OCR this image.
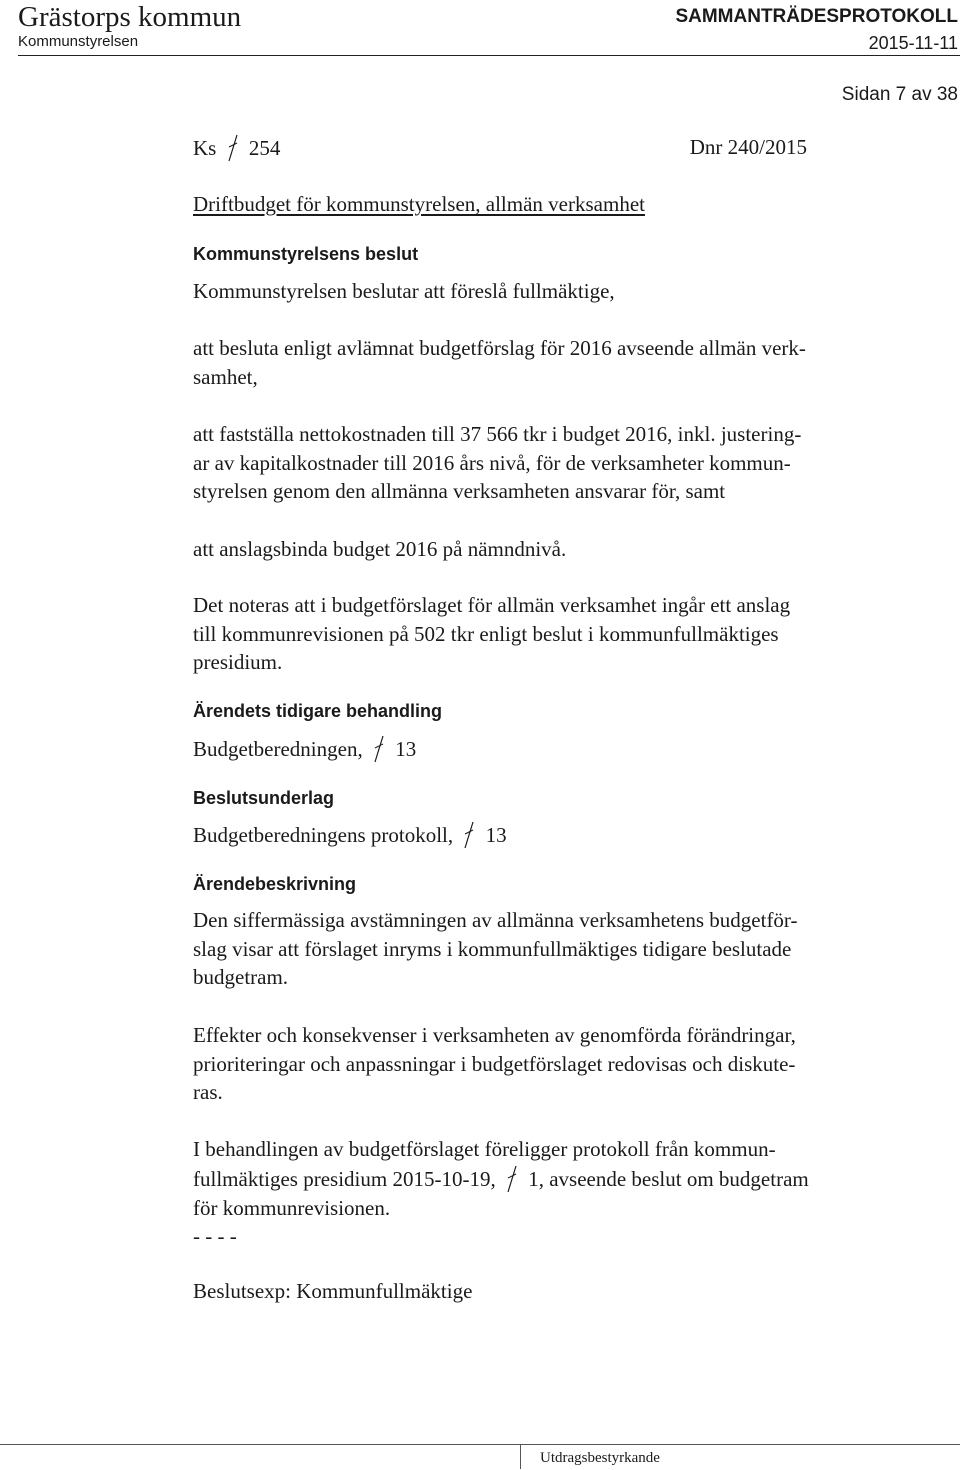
Grästorps kommun
Kommunstyrelsen
SAMMANTRÄDESPROTOKOLL
2015-11-11
Sidan 7 av 38
Ks 254	Dnr 240/2015
Driftbudget för kommunstyrelsen, allmän verksamhet
Kommunstyrelsens beslut
Kommunstyrelsen beslutar att föreslå fullmäktige,
att besluta enligt avlämnat budgetförslag för 2016 avseende allmän verk-
samhet,
att fastställa nettokostnaden till 37 566 tkr i budget 2016, inkl. justering-
ar av kapitalkostnader till 2016 års nivå, för de verksamheter kommun-
styrelsen genom den allmänna verksamheten ansvarar för, samt
att anslagsbinda budget 2016 på nämndnivå.
Det noteras att i budgetförslaget för allmän verksamhet ingår ett anslag
till kommunrevisionen på 502 tkr enligt beslut i kommunfullmäktiges
presidium.
Ärendets tidigare behandling
Budgetberedningen, 13
Beslutsunderlag
Budgetberedningens protokoll, 13
Ärendebeskrivning
Den siffermässiga avstämningen av allmänna verksamhetens budgetför-
slag visar att förslaget inryms i kommunfullmäktiges tidigare beslutade
budgetram.
Effekter och konsekvenser i verksamheten av genomförda förändringar,
prioriteringar och anpassningar i budgetförslaget redovisas och diskute-
ras.
I behandlingen av budgetförslaget föreligger protokoll från kommun-
fullmäktiges presidium 2015-10-19, 1, avseende beslut om budgetram
för kommunrevisionen.
- - - -
Beslutsexp: Kommunfullmäktige
Utdragsbestyrkande
